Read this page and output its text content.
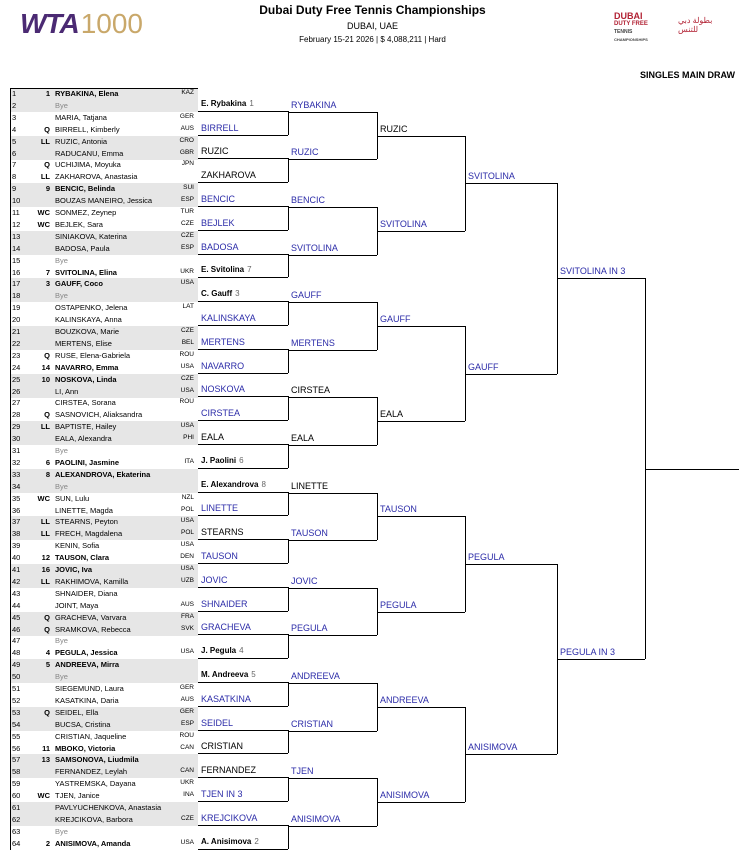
WTA1000	Dubai Duty Free Tennis Championships
DUBAI, UAE
February 15-21 2026 | $ 4,088,211 | Hard
DUBAI
DUTY FREE
TENNIS
CHAMPIONSHIPS
بطولة دبي للتنس
SINGLES MAIN DRAW
1	1 RYBAKINA, Elena	KAZ
2	Bye
3	MARIA, Tatjana	GER
4	Q BIRRELL, Kimberly	AUS
5	LL RUZIC, Antonia	CRO
6	RADUCANU, Emma	GBR
7	Q UCHIJIMA, Moyuka	JPN
8	LL ZAKHAROVA, Anastasia
9	9 BENCIC, Belinda	SUI
10	BOUZAS MANEIRO, Jessica	ESP
11	WC SONMEZ, Zeynep	TUR
12	WC BEJLEK, Sara	CZE
13	SINIAKOVA, Katerina	CZE
14	BADOSA, Paula	ESP
15	Bye
16	7 SVITOLINA, Elina	UKR
17	3 GAUFF, Coco	USA
18	Bye
19	OSTAPENKO, Jelena	LAT
20	KALINSKAYA, Anna
21	BOUZKOVA, Marie	CZE
22	MERTENS, Elise	BEL
23	Q RUSE, Elena-Gabriela	ROU
24	14 NAVARRO, Emma	USA
25	10 NOSKOVA, Linda	CZE
26	LI, Ann	USA
27	CIRSTEA, Sorana	ROU
28	Q SASNOVICH, Aliaksandra
29	LL BAPTISTE, Hailey	USA
30	EALA, Alexandra	PHI
31	Bye
32	6 PAOLINI, Jasmine	ITA
33	8 ALEXANDROVA, Ekaterina
34	Bye
35	WC SUN, Lulu	NZL
36	LINETTE, Magda	POL
37	LL STEARNS, Peyton	USA
38	LL FRECH, Magdalena	POL
39	KENIN, Sofia	USA
40	12 TAUSON, Clara	DEN
41	16 JOVIC, Iva	USA
42	LL RAKHIMOVA, Kamilla	UZB
43	SHNAIDER, Diana
44	JOINT, Maya	AUS
45	Q GRACHEVA, Varvara	FRA
46	Q SRAMKOVA, Rebecca	SVK
47	Bye
48	4 PEGULA, Jessica	USA
49	5 ANDREEVA, Mirra
50	Bye
51	SIEGEMUND, Laura	GER
52	KASATKINA, Daria	AUS
53	Q SEIDEL, Ella	GER
54	BUCSA, Cristina	ESP
55	CRISTIAN, Jaqueline	ROU
56	11 MBOKO, Victoria	CAN
57	13 SAMSONOVA, Liudmila
58	FERNANDEZ, Leylah	CAN
59	YASTREMSKA, Dayana	UKR
60	WC TJEN, Janice	INA
61	PAVLYUCHENKOVA, Anastasia
62	KREJCIKOVA, Barbora	CZE
63	Bye
64	2 ANISIMOVA, Amanda	USA
E. Rybakina 1
BIRRELL
RUZIC
ZAKHAROVA
BENCIC
BEJLEK
BADOSA
E. Svitolina 7
C. Gauff 3
KALINSKAYA
MERTENS
NAVARRO
NOSKOVA
CIRSTEA
EALA
J. Paolini 6
E. Alexandrova 8
LINETTE
STEARNS
TAUSON
JOVIC
SHNAIDER
GRACHEVA
J. Pegula 4
M. Andreeva 5
KASATKINA
SEIDEL
CRISTIAN
FERNANDEZ
TJEN IN 3
KREJCIKOVA
A. Anisimova 2
RYBAKINA
RUZIC
BENCIC
SVITOLINA
GAUFF
MERTENS
CIRSTEA
EALA
LINETTE
TAUSON
JOVIC
PEGULA
ANDREEVA
CRISTIAN
TJEN
ANISIMOVA
RUZIC
SVITOLINA
GAUFF
EALA
TAUSON
PEGULA
ANDREEVA
ANISIMOVA
SVITOLINA
GAUFF
PEGULA
ANISIMOVA
SVITOLINA IN 3
PEGULA IN 3
